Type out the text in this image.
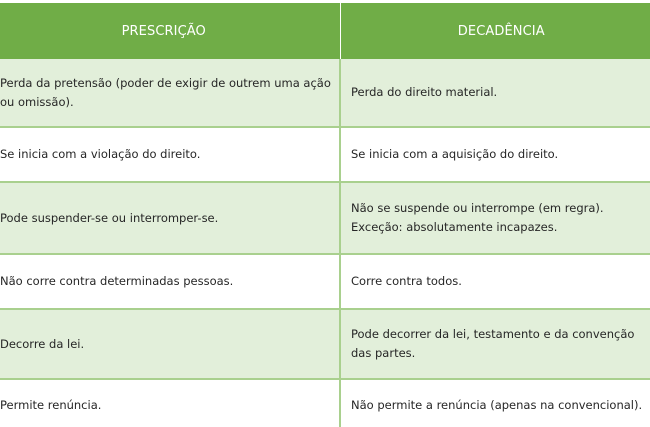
PRESCRIÇÃO	DECADÊNCIA
Perda da pretensão (poder de exigir de outrem uma ação ou omissão).	Perda do direito material.
Se inicia com a violação do direito.	Se inicia com a aquisição do direito.
Pode suspender-se ou interromper-se.	Não se suspende ou interrompe (em regra). Exceção: absolutamente incapazes.
Não corre contra determinadas pessoas.	Corre contra todos.
Decorre da lei.	Pode decorrer da lei, testamento e da convenção das partes.
Permite renúncia.	Não permite a renúncia (apenas na convencional).
